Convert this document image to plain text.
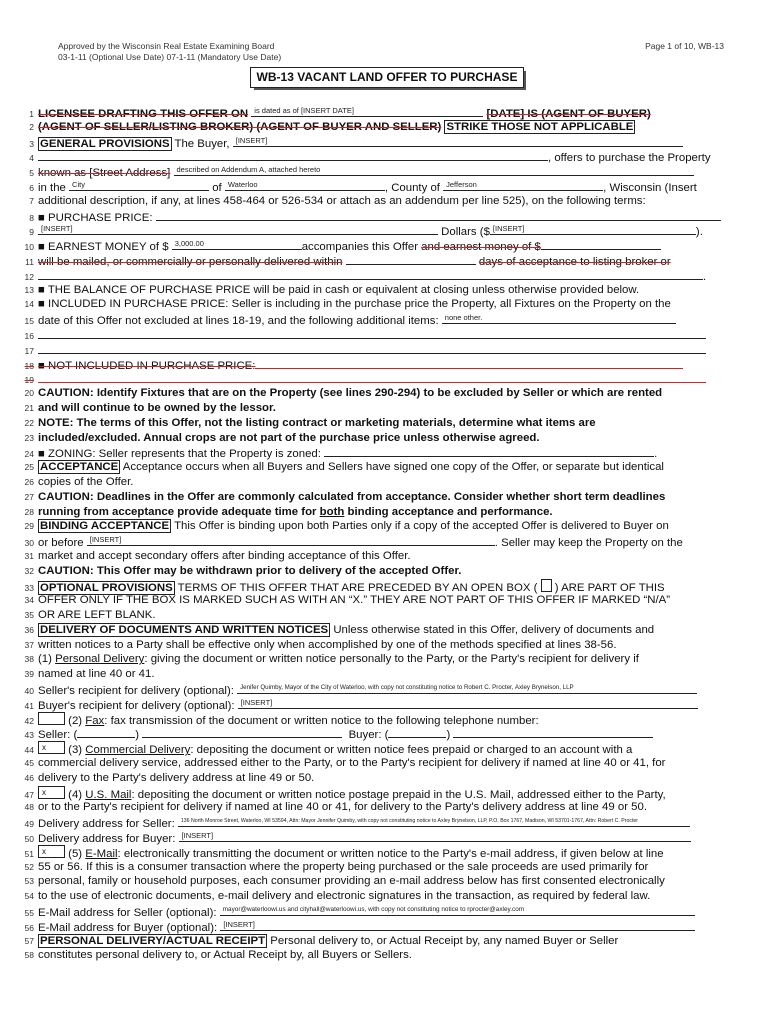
Approved by the Wisconsin Real Estate Examining Board
03-1-11 (Optional Use Date) 07-1-11 (Mandatory Use Date)
Page 1 of 10, WB-13
WB-13 VACANT LAND OFFER TO PURCHASE
1 LICENSEE DRAFTING THIS OFFER ON is dated as of [INSERT DATE]	[DATE] IS (AGENT OF BUYER)
2 (AGENT OF SELLER/LISTING BROKER) (AGENT OF BUYER AND SELLER) STRIKE THOSE NOT APPLICABLE
3 GENERAL PROVISIONS The Buyer, [INSERT]
4	, offers to purchase the Property
5 known as [Street Address] described on Addendum A, attached hereto
6 in the City	of Waterloo	, County of Jefferson	, Wisconsin (Insert
7 additional description, if any, at lines 458-464 or 526-534 or attach as an addendum per line 525), on the following terms:
8 ■ PURCHASE PRICE:
9 [INSERT]	Dollars ($ [INSERT]	).
10 ■ EARNEST MONEY of $ 3,000.00	accompanies this Offer and earnest money of $
11 will be mailed, or commercially or personally delivered within	days of acceptance to listing broker or
12	.
13 ■ THE BALANCE OF PURCHASE PRICE will be paid in cash or equivalent at closing unless otherwise provided below.
14 ■ INCLUDED IN PURCHASE PRICE: Seller is including in the purchase price the Property, all Fixtures on the Property on the
15 date of this Offer not excluded at lines 18-19, and the following additional items: none other.
16
17
18 ■ NOT INCLUDED IN PURCHASE PRICE:
19
20 CAUTION: Identify Fixtures that are on the Property (see lines 290-294) to be excluded by Seller or which are rented
21 and will continue to be owned by the lessor.
22 NOTE: The terms of this Offer, not the listing contract or marketing materials, determine what items are
23 included/excluded. Annual crops are not part of the purchase price unless otherwise agreed.
24 ■ ZONING: Seller represents that the Property is zoned:	.
25 ACCEPTANCE Acceptance occurs when all Buyers and Sellers have signed one copy of the Offer, or separate but identical
26 copies of the Offer.
27 CAUTION: Deadlines in the Offer are commonly calculated from acceptance. Consider whether short term deadlines
28 running from acceptance provide adequate time for both binding acceptance and performance.
29 BINDING ACCEPTANCE This Offer is binding upon both Parties only if a copy of the accepted Offer is delivered to Buyer on
30 or before [INSERT]	. Seller may keep the Property on the
31 market and accept secondary offers after binding acceptance of this Offer.
32 CAUTION: This Offer may be withdrawn prior to delivery of the accepted Offer.
33 OPTIONAL PROVISIONS TERMS OF THIS OFFER THAT ARE PRECEDED BY AN OPEN BOX ( ) ARE PART OF THIS
34 OFFER ONLY IF THE BOX IS MARKED SUCH AS WITH AN “X.” THEY ARE NOT PART OF THIS OFFER IF MARKED “N/A”
35 OR ARE LEFT BLANK.
36 DELIVERY OF DOCUMENTS AND WRITTEN NOTICES Unless otherwise stated in this Offer, delivery of documents and
37 written notices to a Party shall be effective only when accomplished by one of the methods specified at lines 38-56.
38 (1) Personal Delivery: giving the document or written notice personally to the Party, or the Party's recipient for delivery if
39 named at line 40 or 41.
40 Seller's recipient for delivery (optional): Jenifer Quimby, Mayor of the City of Waterloo, with copy not constituting notice to Robert C. Procter, Axley Brynelson, LLP
41 Buyer's recipient for delivery (optional): [INSERT]
42	(2) Fax: fax transmission of the document or written notice to the following telephone number:
43 Seller: (	)	Buyer: (	)
44 x (3) Commercial Delivery: depositing the document or written notice fees prepaid or charged to an account with a
45 commercial delivery service, addressed either to the Party, or to the Party's recipient for delivery if named at line 40 or 41, for
46 delivery to the Party's delivery address at line 49 or 50.
47 x (4) U.S. Mail: depositing the document or written notice postage prepaid in the U.S. Mail, addressed either to the Party,
48 or to the Party's recipient for delivery if named at line 40 or 41, for delivery to the Party's delivery address at line 49 or 50.
49 Delivery address for Seller: 136 North Monroe Street, Waterloo, WI 53594, Attn: Mayor Jennifer Quimby, with copy not constituting notice to Axley Brynelson, LLP, P.O. Box 1767, Madison, WI 53701-1767, Attn: Robert C. Procter
50 Delivery address for Buyer: [INSERT]
51 x (5) E-Mail: electronically transmitting the document or written notice to the Party's e-mail address, if given below at line
52 55 or 56. If this is a consumer transaction where the property being purchased or the sale proceeds are used primarily for
53 personal, family or household purposes, each consumer providing an e-mail address below has first consented electronically
54 to the use of electronic documents, e-mail delivery and electronic signatures in the transaction, as required by federal law.
55 E-Mail address for Seller (optional): mayor@waterloowi.us and cityhall@waterloowi.us, with copy not constituting notice to rprocter@axley.com
56 E-Mail address for Buyer (optional): [INSERT]
57 PERSONAL DELIVERY/ACTUAL RECEIPT Personal delivery to, or Actual Receipt by, any named Buyer or Seller
58 constitutes personal delivery to, or Actual Receipt by, all Buyers or Sellers.
